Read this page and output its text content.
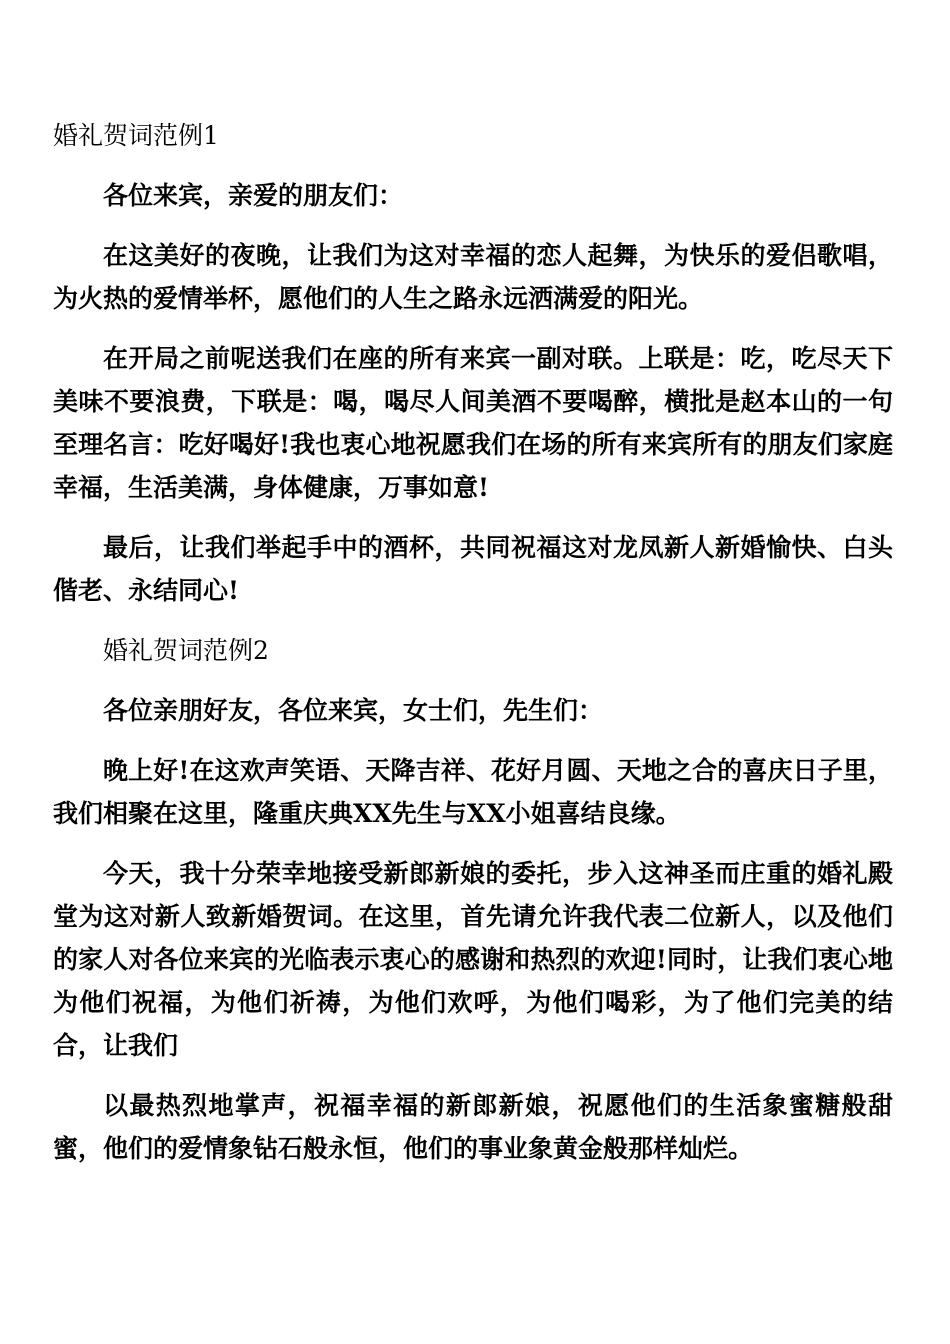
婚礼贺词范例1

各位来宾，亲爱的朋友们：

在这美好的夜晚，让我们为这对幸福的恋人起舞，为快乐的爱侣歌唱，为火热的爱情举杯，愿他们的人生之路永远洒满爱的阳光。

在开局之前呢送我们在座的所有来宾一副对联。上联是：吃，吃尽天下美味不要浪费，下联是：喝，喝尽人间美酒不要喝醉，横批是赵本山的一句至理名言：吃好喝好!我也衷心地祝愿我们在场的所有来宾所有的朋友们家庭幸福，生活美满，身体健康，万事如意!

最后，让我们举起手中的酒杯，共同祝福这对龙凤新人新婚愉快、白头偕老、永结同心!

婚礼贺词范例2

各位亲朋好友，各位来宾，女士们，先生们：

晚上好!在这欢声笑语、天降吉祥、花好月圆、天地之合的喜庆日子里，我们相聚在这里，隆重庆典XX先生与XX小姐喜结良缘。

今天，我十分荣幸地接受新郎新娘的委托，步入这神圣而庄重的婚礼殿堂为这对新人致新婚贺词。在这里，首先请允许我代表二位新人，以及他们的家人对各位来宾的光临表示衷心的感谢和热烈的欢迎!同时，让我们衷心地为他们祝福，为他们祈祷，为他们欢呼，为他们喝彩，为了他们完美的结合，让我们

以最热烈地掌声，祝福幸福的新郎新娘，祝愿他们的生活象蜜糖般甜蜜，他们的爱情象钻石般永恒，他们的事业象黄金般那样灿烂。
